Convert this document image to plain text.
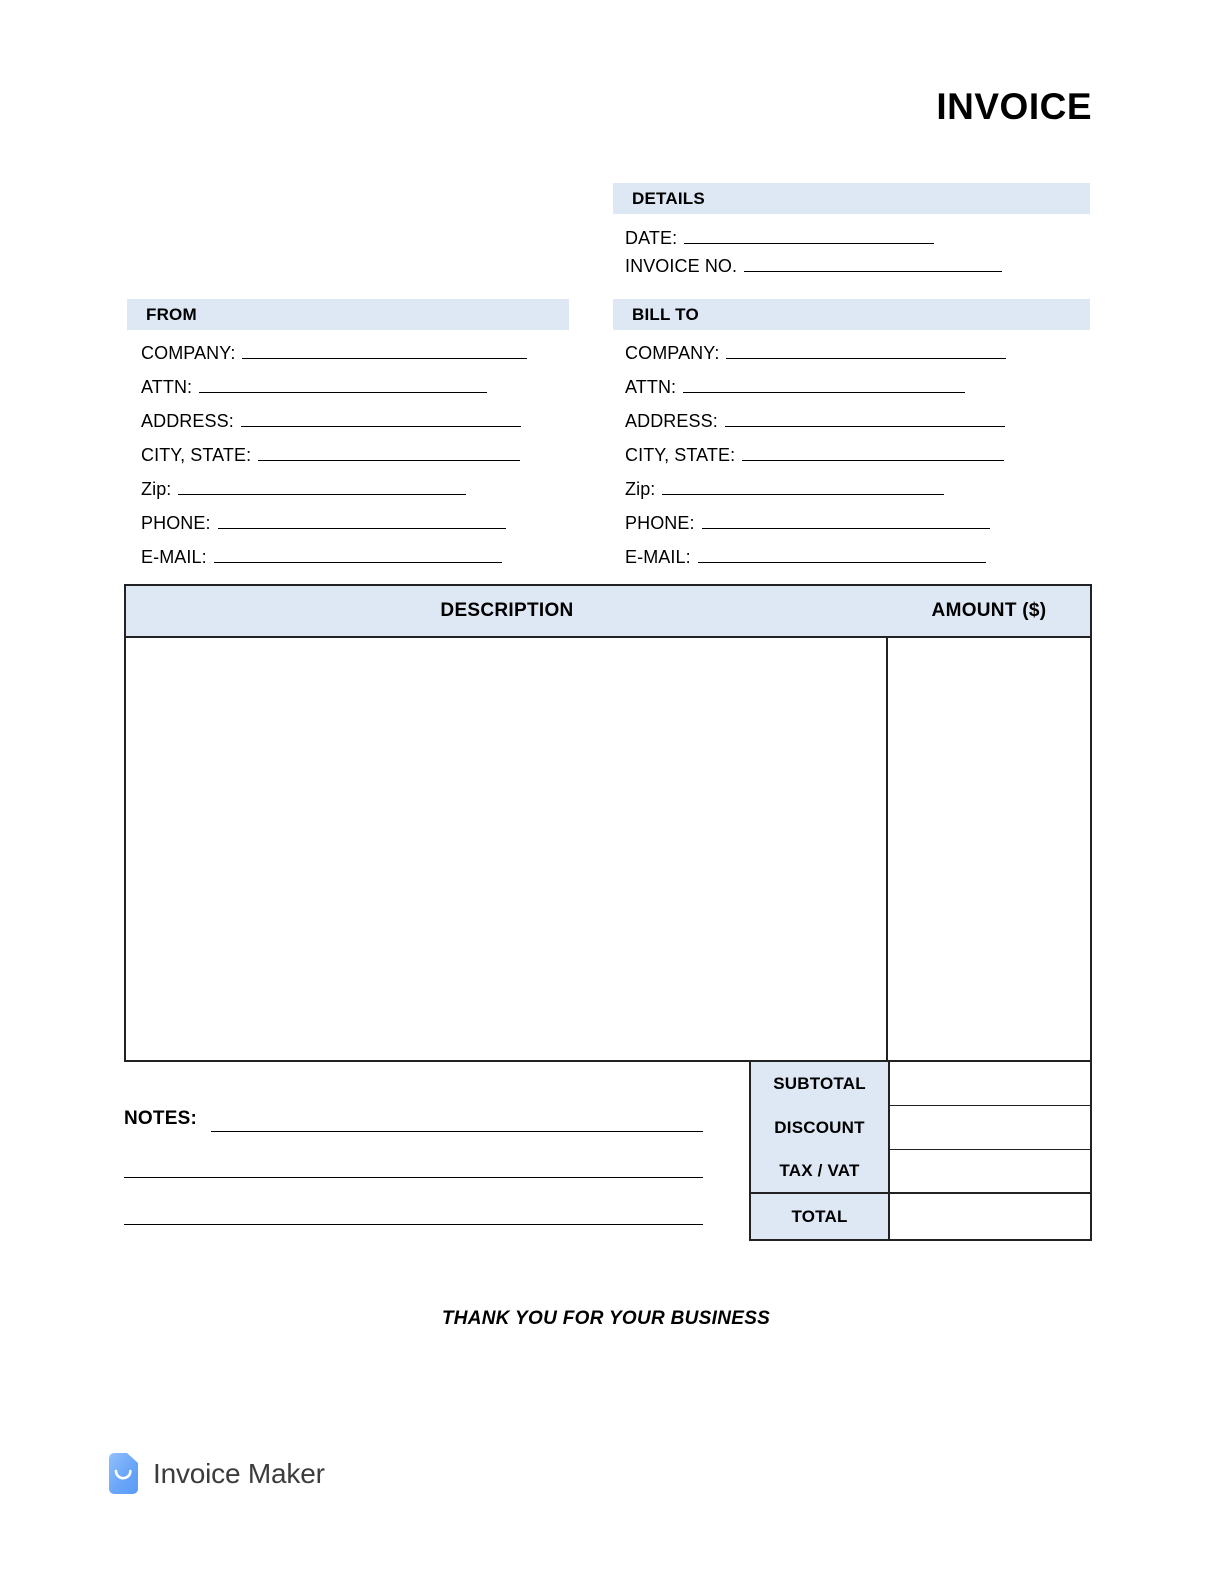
INVOICE
DETAILS
DATE:
INVOICE NO.
FROM
COMPANY:
ATTN:
ADDRESS:
CITY, STATE:
Zip:
PHONE:
E-MAIL:
BILL TO
COMPANY:
ATTN:
ADDRESS:
CITY, STATE:
Zip:
PHONE:
E-MAIL:
DESCRIPTION	AMOUNT ($)
SUBTOTAL
DISCOUNT
TAX / VAT
TOTAL
NOTES:
THANK YOU FOR YOUR BUSINESS
Invoice Maker
